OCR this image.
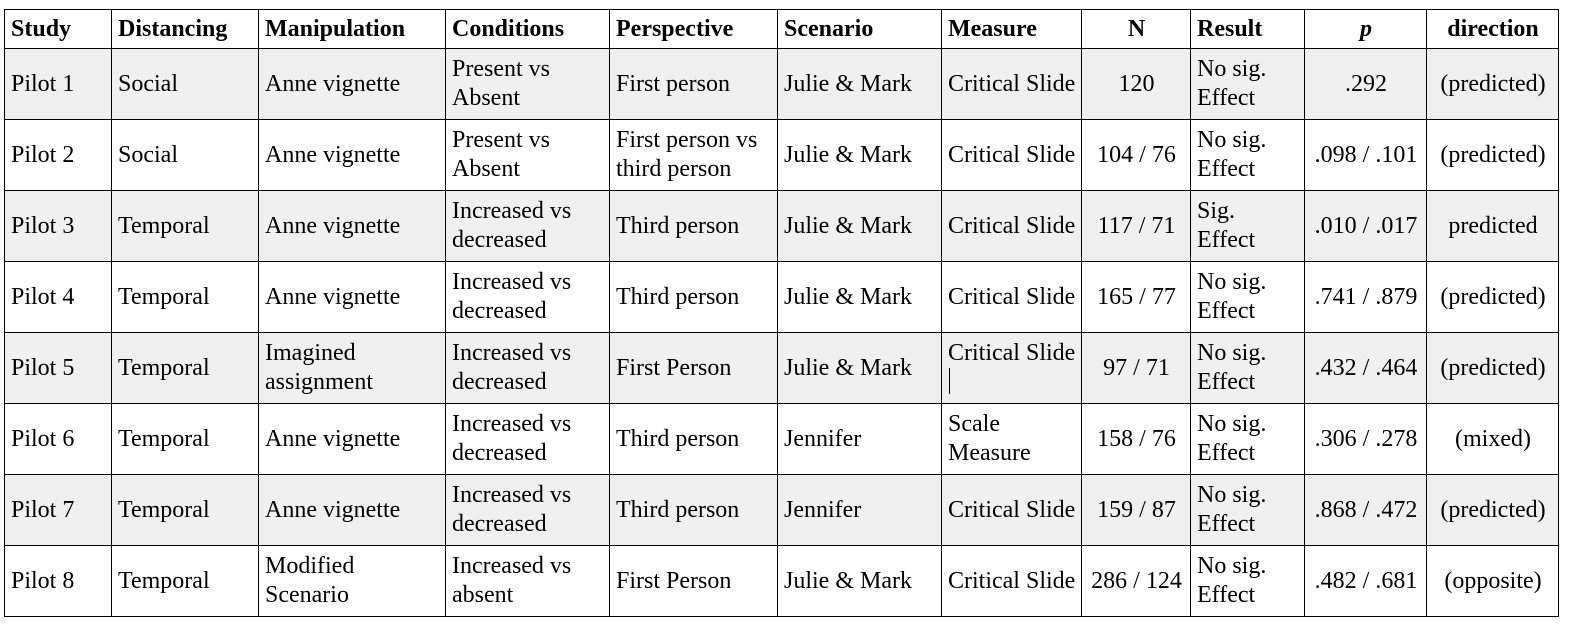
Study	Distancing	Manipulation	Conditions	Perspective	Scenario	Measure	N	Result	p	direction
Pilot 1	Social	Anne vignette	Present vs Absent	First person	Julie & Mark	Critical Slide	120	No sig. Effect	.292	(predicted)
Pilot 2	Social	Anne vignette	Present vs Absent	First person vs third person	Julie & Mark	Critical Slide	104 / 76	No sig. Effect	.098 / .101	(predicted)
Pilot 3	Temporal	Anne vignette	Increased vs decreased	Third person	Julie & Mark	Critical Slide	117 / 71	Sig. Effect	.010 / .017	predicted
Pilot 4	Temporal	Anne vignette	Increased vs decreased	Third person	Julie & Mark	Critical Slide	165 / 77	No sig. Effect	.741 / .879	(predicted)
Pilot 5	Temporal	Imagined assignment	Increased vs decreased	First Person	Julie & Mark	Critical Slide	97 / 71	No sig. Effect	.432 / .464	(predicted)
Pilot 6	Temporal	Anne vignette	Increased vs decreased	Third person	Jennifer	Scale Measure	158 / 76	No sig. Effect	.306 / .278	(mixed)
Pilot 7	Temporal	Anne vignette	Increased vs decreased	Third person	Jennifer	Critical Slide	159 / 87	No sig. Effect	.868 / .472	(predicted)
Pilot 8	Temporal	Modified Scenario	Increased vs absent	First Person	Julie & Mark	Critical Slide	286 / 124	No sig. Effect	.482 / .681	(opposite)
